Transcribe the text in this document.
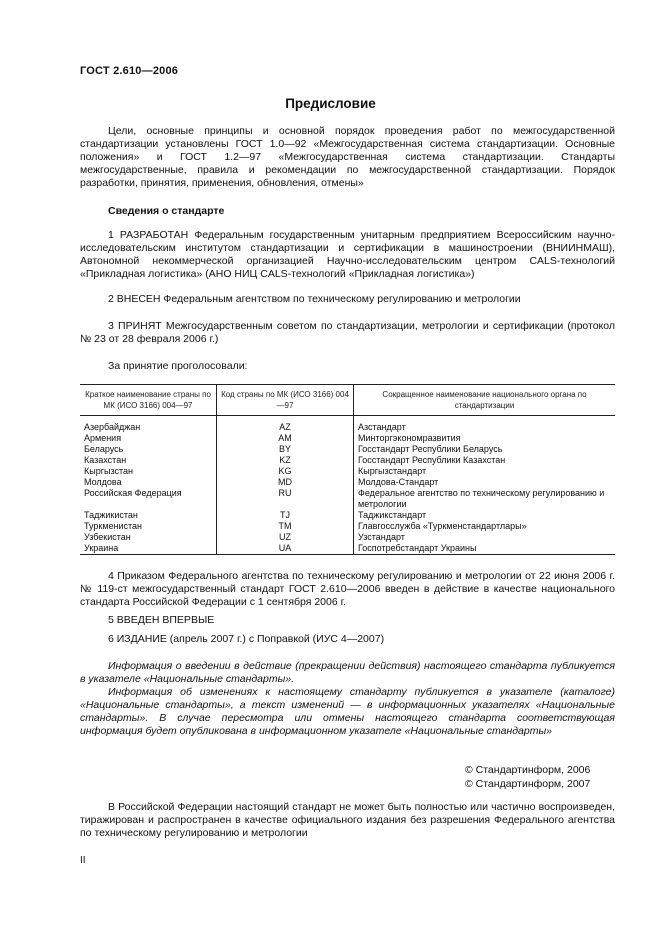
ГОСТ 2.610—2006
Предисловие
Цели, основные принципы и основной порядок проведения работ по межгосударственной стандартизации установлены ГОСТ 1.0—92 «Межгосударственная система стандартизации. Основные положения» и ГОСТ 1.2—97 «Межгосударственная система стандартизации. Стандарты межгосударственные, правила и рекомендации по межгосударственной стандартизации. Порядок разработки, принятия, применения, обновления, отмены»
Сведения о стандарте
1 РАЗРАБОТАН Федеральным государственным унитарным предприятием Всероссийским научно-исследовательским институтом стандартизации и сертификации в машиностроении (ВНИИНМАШ), Автономной некоммерческой организацией Научно-исследовательским центром CALS-технологий «Прикладная логистика» (АНО НИЦ CALS-технологий «Прикладная логистика»)
2 ВНЕСЕН Федеральным агентством по техническому регулированию и метрологии
3 ПРИНЯТ Межгосударственным советом по стандартизации, метрологии и сертификации (протокол № 23 от 28 февраля 2006 г.)
За принятие проголосовали:
Краткое наименование страны по МК (ИСО 3166) 004—97	Код страны по МК (ИСО 3166) 004—97	Сокращенное наименование национального органа по стандартизации
Азербайджан	AZ	Азстандарт
Армения	AM	Минторгэкономразвития
Беларусь	BY	Госстандарт Республики Беларусь
Казахстан	KZ	Госстандарт Республики Казахстан
Кыргызстан	KG	Кыргызстандарт
Молдова	MD	Молдова-Стандарт
Российская Федерация	RU	Федеральное агентство по техническому регулированию и метрологии
Таджикистан	TJ	Таджикстандарт
Туркменистан	TM	Главгосслужба «Туркменстандартлары»
Узбекистан	UZ	Узстандарт
Украина	UA	Госпотребстандарт Украины
4 Приказом Федерального агентства по техническому регулированию и метрологии от 22 июня 2006 г. № 119-ст межгосударственный стандарт ГОСТ 2.610—2006 введен в действие в качестве национального стандарта Российской Федерации с 1 сентября 2006 г.
5 ВВЕДЕН ВПЕРВЫЕ
6 ИЗДАНИЕ (апрель 2007 г.) с Поправкой (ИУС 4—2007)
Информация о введении в действие (прекращении действия) настоящего стандарта публикуется в указателе «Национальные стандарты».
Информация об изменениях к настоящему стандарту публикуется в указателе (каталоге) «Национальные стандарты», а текст изменений — в информационных указателях «Национальные стандарты». В случае пересмотра или отмены настоящего стандарта соответствующая информация будет опубликована в информационном указателе «Национальные стандарты»
© Стандартинформ, 2006
© Стандартинформ, 2007
В Российской Федерации настоящий стандарт не может быть полностью или частично воспроизведен, тиражирован и распространен в качестве официального издания без разрешения Федерального агентства по техническому регулированию и метрологии
II
